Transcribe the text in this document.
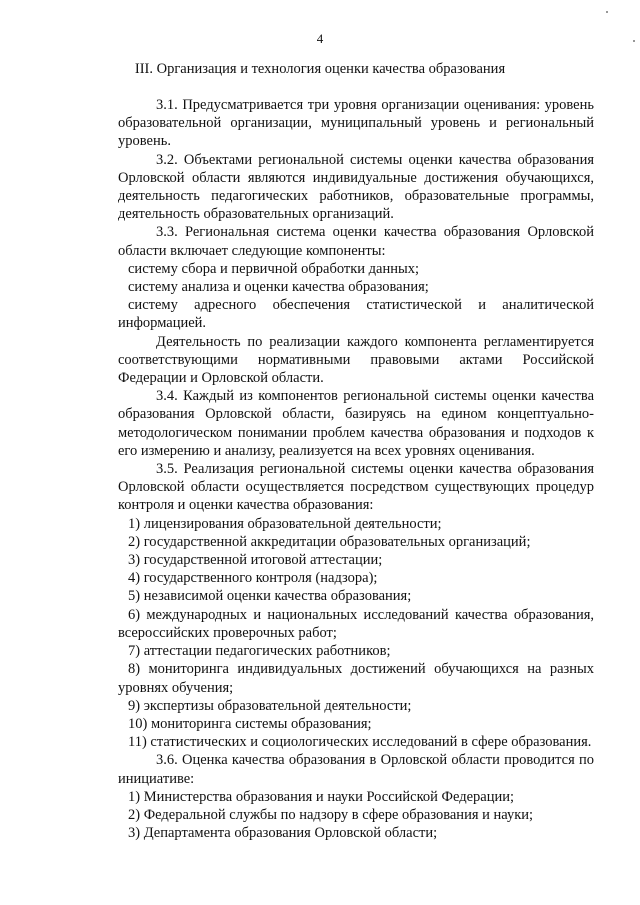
4
III. Организация и технология оценки качества образования

3.1. Предусматривается три уровня организации оценивания: уровень образовательной организации, муниципальный уровень и региональный уровень.

3.2. Объектами региональной системы оценки качества образования Орловской области являются индивидуальные достижения обучающихся, деятельность педагогических работников, образовательные программы, деятельность образовательных организаций.

3.3. Региональная система оценки качества образования Орловской области включает следующие компоненты:

систему сбора и первичной обработки данных;

систему анализа и оценки качества образования;

систему адресного обеспечения статистической и аналитической информацией.

Деятельность по реализации каждого компонента регламентируется соответствующими нормативными правовыми актами Российской Федерации и Орловской области.

3.4. Каждый из компонентов региональной системы оценки качества образования Орловской области, базируясь на едином концептуально-методологическом понимании проблем качества образования и подходов к его измерению и анализу, реализуется на всех уровнях оценивания.

3.5. Реализация региональной системы оценки качества образования Орловской области осуществляется посредством существующих процедур контроля и оценки качества образования:

1) лицензирования образовательной деятельности;

2) государственной аккредитации образовательных организаций;

3) государственной итоговой аттестации;

4) государственного контроля (надзора);

5) независимой оценки качества образования;

6) международных и национальных исследований качества образования, всероссийских проверочных работ;

7) аттестации педагогических работников;

8) мониторинга индивидуальных достижений обучающихся на разных уровнях обучения;

9) экспертизы образовательной деятельности;

10) мониторинга системы образования;

11) статистических и социологических исследований в сфере образования.

3.6. Оценка качества образования в Орловской области проводится по инициативе:

1) Министерства образования и науки Российской Федерации;

2) Федеральной службы по надзору в сфере образования и науки;

3) Департамента образования Орловской области;
